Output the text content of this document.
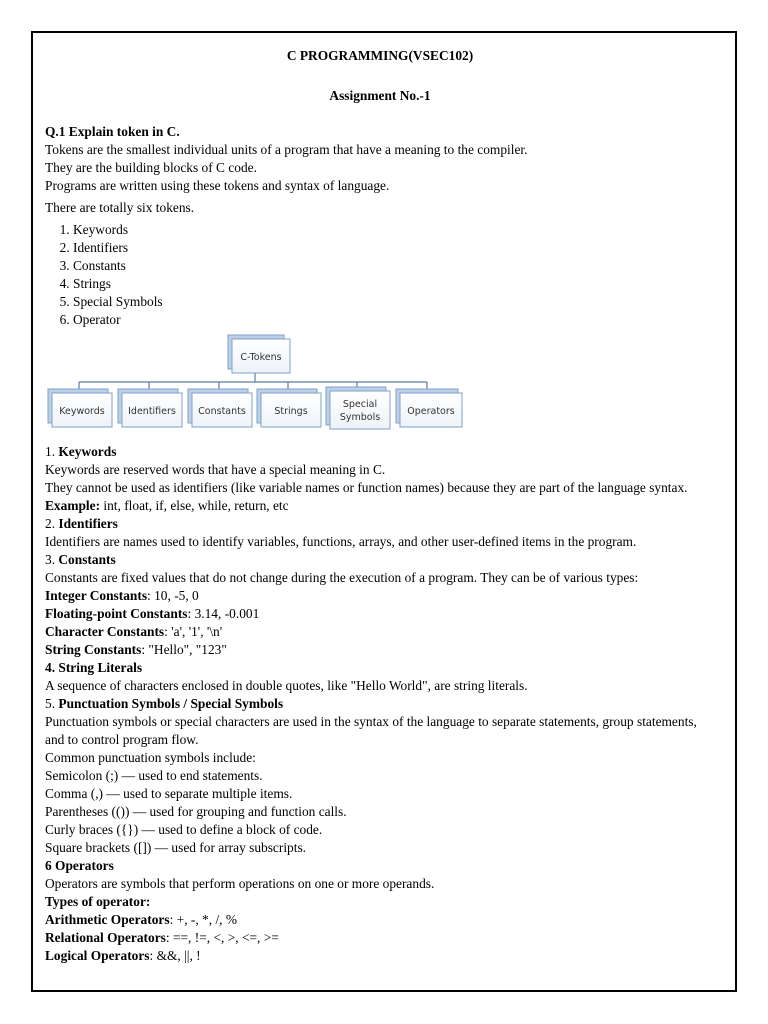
C PROGRAMMING(VSEC102)

Assignment No.-1

Q.1 Explain token in C.

Tokens are the smallest individual units of a program that have a meaning to the compiler.

They are the building blocks of C code.

Programs are written using these tokens and syntax of language.

There are totally six tokens.

1. Keywords
2. Identifiers
3. Constants
4. Strings
5. Special Symbols
6. Operator
C-Tokens
Keywords Identifiers Constants	Strings
Special
Symbols
Operators

1. Keywords

Keywords are reserved words that have a special meaning in C.

They cannot be used as identifiers (like variable names or function names) because they are part of the language syntax.

Example: int, float, if, else, while, return, etc

2. Identifiers

Identifiers are names used to identify variables, functions, arrays, and other user-defined items in the program.

3. Constants

Constants are fixed values that do not change during the execution of a program. They can be of various types:

Integer Constants: 10, -5, 0

Floating-point Constants: 3.14, -0.001

Character Constants: 'a', '1', '\n'

String Constants: "Hello", "123"

4. String Literals

A sequence of characters enclosed in double quotes, like "Hello World", are string literals.

5. Punctuation Symbols / Special Symbols

Punctuation symbols or special characters are used in the syntax of the language to separate statements, group statements, and to control program flow.

Common punctuation symbols include:

Semicolon (;) — used to end statements.

Comma (,) — used to separate multiple items.

Parentheses (()) — used for grouping and function calls.

Curly braces ({}) — used to define a block of code.

Square brackets ([]) — used for array subscripts.

6 Operators

Operators are symbols that perform operations on one or more operands.

Types of operator:

Arithmetic Operators: +, -, *, /, %

Relational Operators: ==, !=, <, >, <=, >=

Logical Operators: &&, ||, !
